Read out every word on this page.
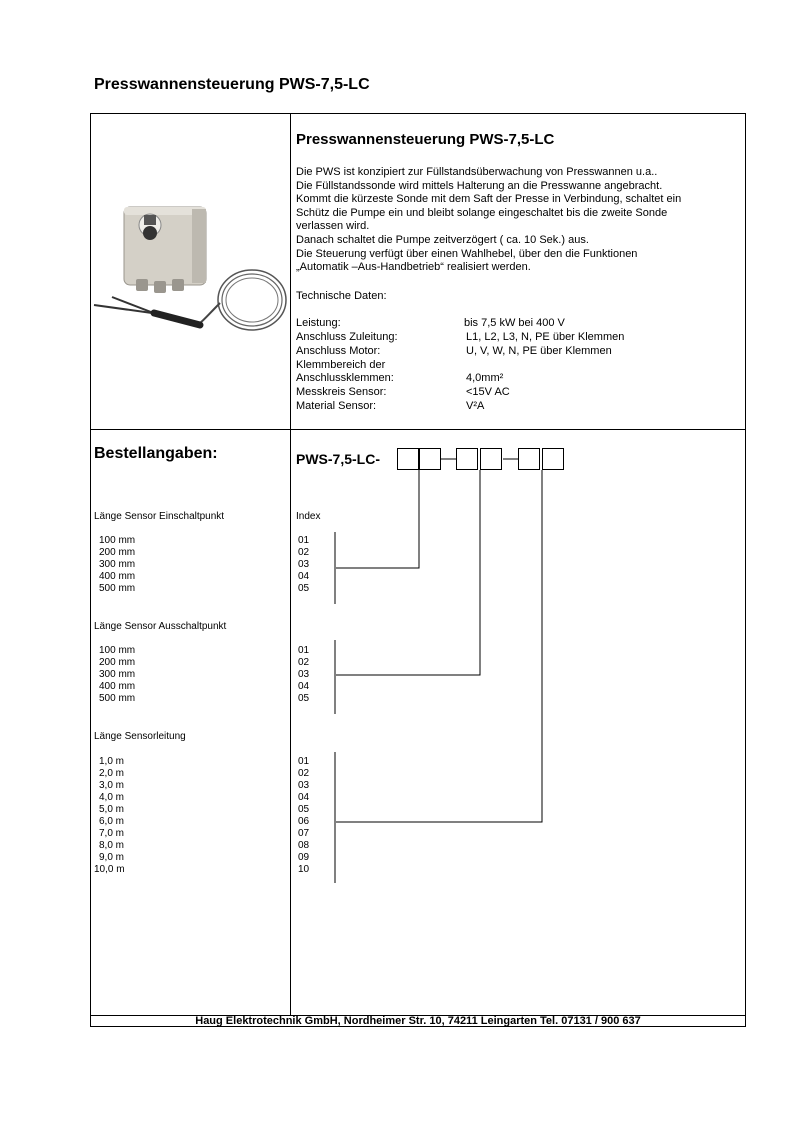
Presswannensteuerung PWS-7,5-LC
Presswannensteuerung PWS-7,5-LC
Die PWS ist konzipiert zur Füllstandsüberwachung von Presswannen u.a..
Die Füllstandssonde wird mittels Halterung an die Presswanne angebracht.
Kommt die kürzeste Sonde mit dem Saft der Presse in Verbindung, schaltet ein
Schütz die Pumpe ein und bleibt solange eingeschaltet bis die zweite Sonde
verlassen wird.
Danach schaltet die Pumpe zeitverzögert ( ca. 10 Sek.) aus.
Die Steuerung verfügt über einen Wahlhebel, über den die Funktionen
„Automatik –Aus-Handbetrieb“ realisiert werden.
Technische Daten:
Leistung:	bis 7,5 kW bei 400 V
Anschluss Zuleitung:	L1, L2, L3, N, PE über Klemmen
Anschluss Motor:	U, V, W, N, PE über Klemmen
Klemmbereich der
Anschlussklemmen:	4,0mm²
Messkreis Sensor:	<15V AC
Material Sensor:	V²A
Bestellangaben:	PWS-7,5-LC-
Länge Sensor Einschaltpunkt	Index
100 mm	01
200 mm	02
300 mm	03
400 mm	04
500 mm	05
Länge Sensor Ausschaltpunkt
100 mm	01
200 mm	02
300 mm	03
400 mm	04
500 mm	05
Länge Sensorleitung
1,0 m	01
2,0 m	02
3,0 m	03
4,0 m	04
5,0 m	05
6,0 m	06
7,0 m	07
8,0 m	08
9,0 m	09
10,0 m	10
Haug Elektrotechnik GmbH, Nordheimer Str. 10, 74211 Leingarten Tel. 07131 / 900 637
